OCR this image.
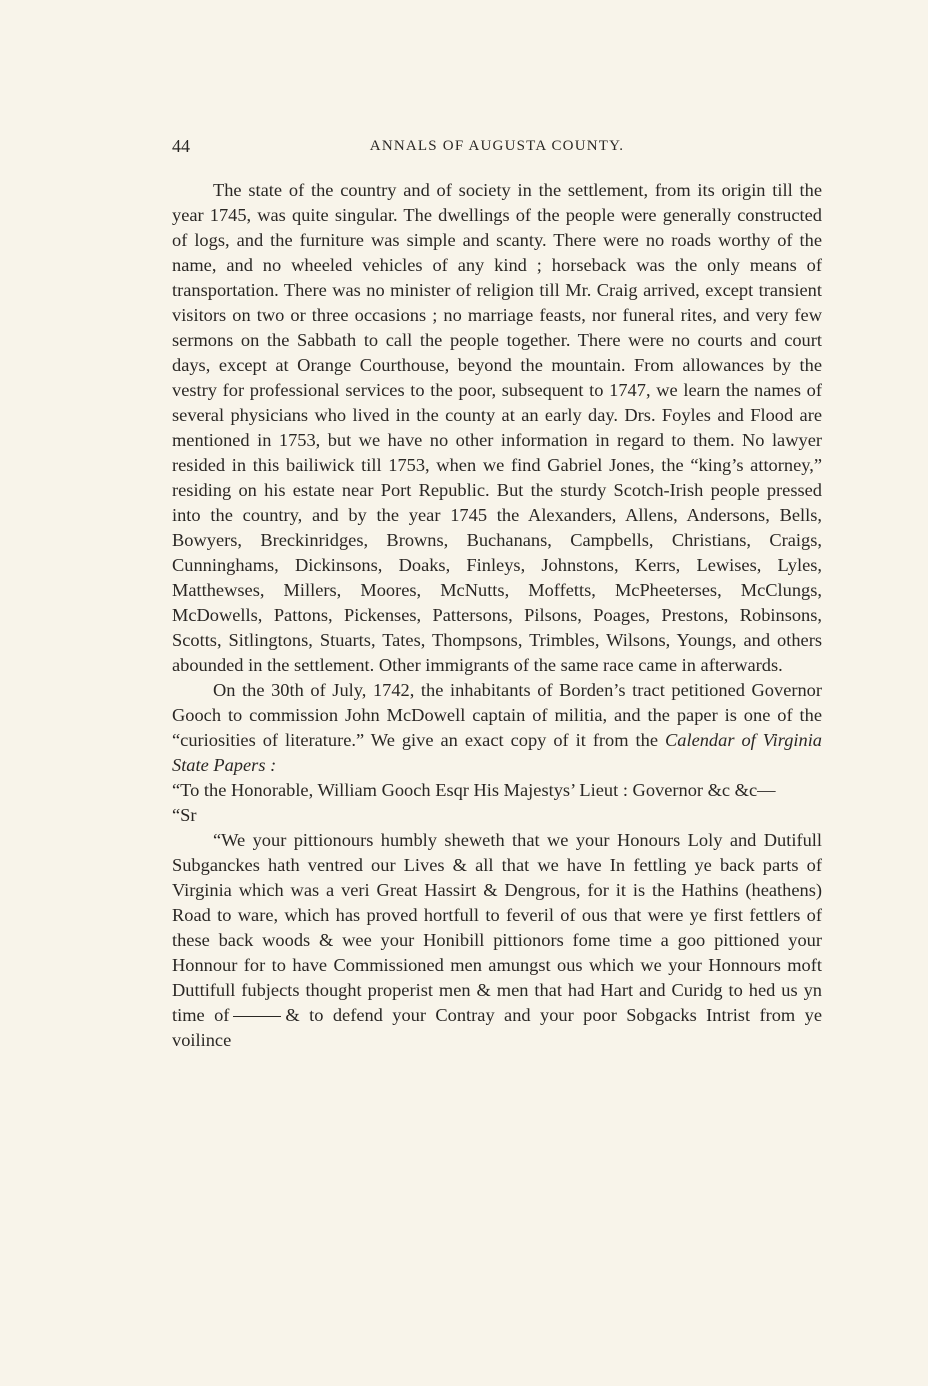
44	ANNALS OF AUGUSTA COUNTY.

The state of the country and of society in the settlement, from its origin till the year 1745, was quite singular. The dwellings of the people were generally constructed of logs, and the furniture was simple and scanty. There were no roads worthy of the name, and no wheeled vehicles of any kind ; horseback was the only means of transportation. There was no minister of religion till Mr. Craig arrived, except transient visitors on two or three occasions ; no marriage feasts, nor funeral rites, and very few sermons on the Sabbath to call the people together. There were no courts and court days, except at Orange Courthouse, beyond the mountain. From allowances by the vestry for professional services to the poor, subsequent to 1747, we learn the names of several physicians who lived in the county at an early day. Drs. Foyles and Flood are mentioned in 1753, but we have no other information in regard to them. No lawyer resided in this bailiwick till 1753, when we find Gabriel Jones, the “king’s attorney,” residing on his estate near Port Republic. But the sturdy Scotch-Irish people pressed into the country, and by the year 1745 the Alexanders, Allens, Andersons, Bells, Bowyers, Breckinridges, Browns, Buchanans, Campbells, Christians, Craigs, Cunninghams, Dickinsons, Doaks, Finleys, Johnstons, Kerrs, Lewises, Lyles, Matthewses, Millers, Moores, McNutts, Moffetts, McPheeterses, McClungs, McDowells, Pattons, Pickenses, Pattersons, Pilsons, Poages, Prestons, Robinsons, Scotts, Sitlingtons, Stuarts, Tates, Thompsons, Trimbles, Wilsons, Youngs, and others abounded in the settlement. Other immigrants of the same race came in afterwards.

On the 30th of July, 1742, the inhabitants of Borden’s tract petitioned Governor Gooch to commission John McDowell captain of militia, and the paper is one of the “curiosities of literature.” We give an exact copy of it from the Calendar of Virginia State Papers :

“To the Honorable, William Gooch Esqr His Majestys’ Lieut : Governor &c &c—

“Sr

“We your pittionours humbly sheweth that we your Honours Loly and Dutifull Subganckes hath ventred our Lives & all that we have In fettling ye back parts of Virginia which was a veri Great Hassirt & Dengrous, for it is the Hathins (heathens) Road to ware, which has proved hortfull to feveril of ous that were ye first fettlers of these back woods & wee your Honibill pittionors fome time a goo pittioned your Honnour for to have Commissioned men amungst ous which we your Honnours moft Duttifull fubjects thought properist men & men that had Hart and Curidg to hed us yn time of	& to defend your Contray and your poor Sobgacks Intrist from ye voilince
